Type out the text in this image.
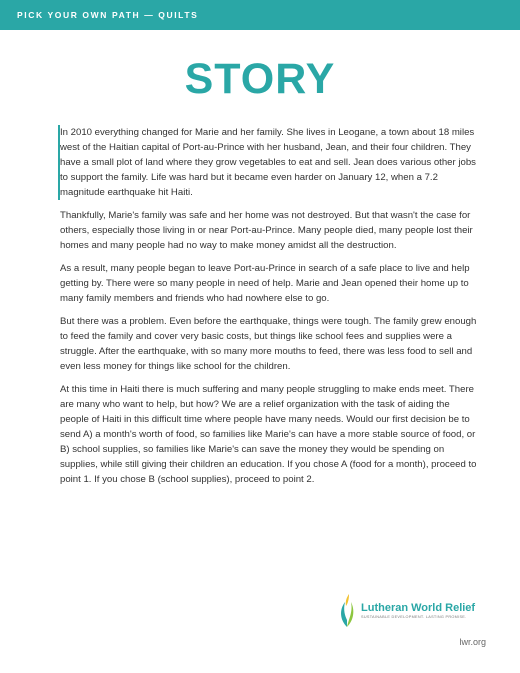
PICK YOUR OWN PATH — QUILTS
STORY

In 2010 everything changed for Marie and her family. She lives in Leogane, a town about 18 miles west of the Haitian capital of Port-au-Prince with her husband, Jean, and their four children. They have a small plot of land where they grow vegetables to eat and sell. Jean does various other jobs to support the family. Life was hard but it became even harder on January 12, when a 7.2 magnitude earthquake hit Haiti.

Thankfully, Marie's family was safe and her home was not destroyed. But that wasn't the case for others, especially those living in or near Port-au-Prince. Many people died, many people lost their homes and many people had no way to make money amidst all the destruction.

As a result, many people began to leave Port-au-Prince in search of a safe place to live and help getting by. There were so many people in need of help. Marie and Jean opened their home up to many family members and friends who had nowhere else to go.

But there was a problem. Even before the earthquake, things were tough. The family grew enough to feed the family and cover very basic costs, but things like school fees and supplies were a struggle. After the earthquake, with so many more mouths to feed, there was less food to sell and even less money for things like school for the children.

At this time in Haiti there is much suffering and many people struggling to make ends meet. There are many who want to help, but how? We are a relief organization with the task of aiding the people of Haiti in this difficult time where people have many needs. Would our first decision be to send A) a month's worth of food, so families like Marie's can have a more stable source of food, or B) school supplies, so families like Marie's can save the money they would be spending on supplies, while still giving their children an education. If you chose A (food for a month), proceed to point 1. If you chose B (school supplies), proceed to point 2.

Lutheran World Relief
SUSTAINABLE DEVELOPMENT. LASTING PROMISE.
lwr.org
